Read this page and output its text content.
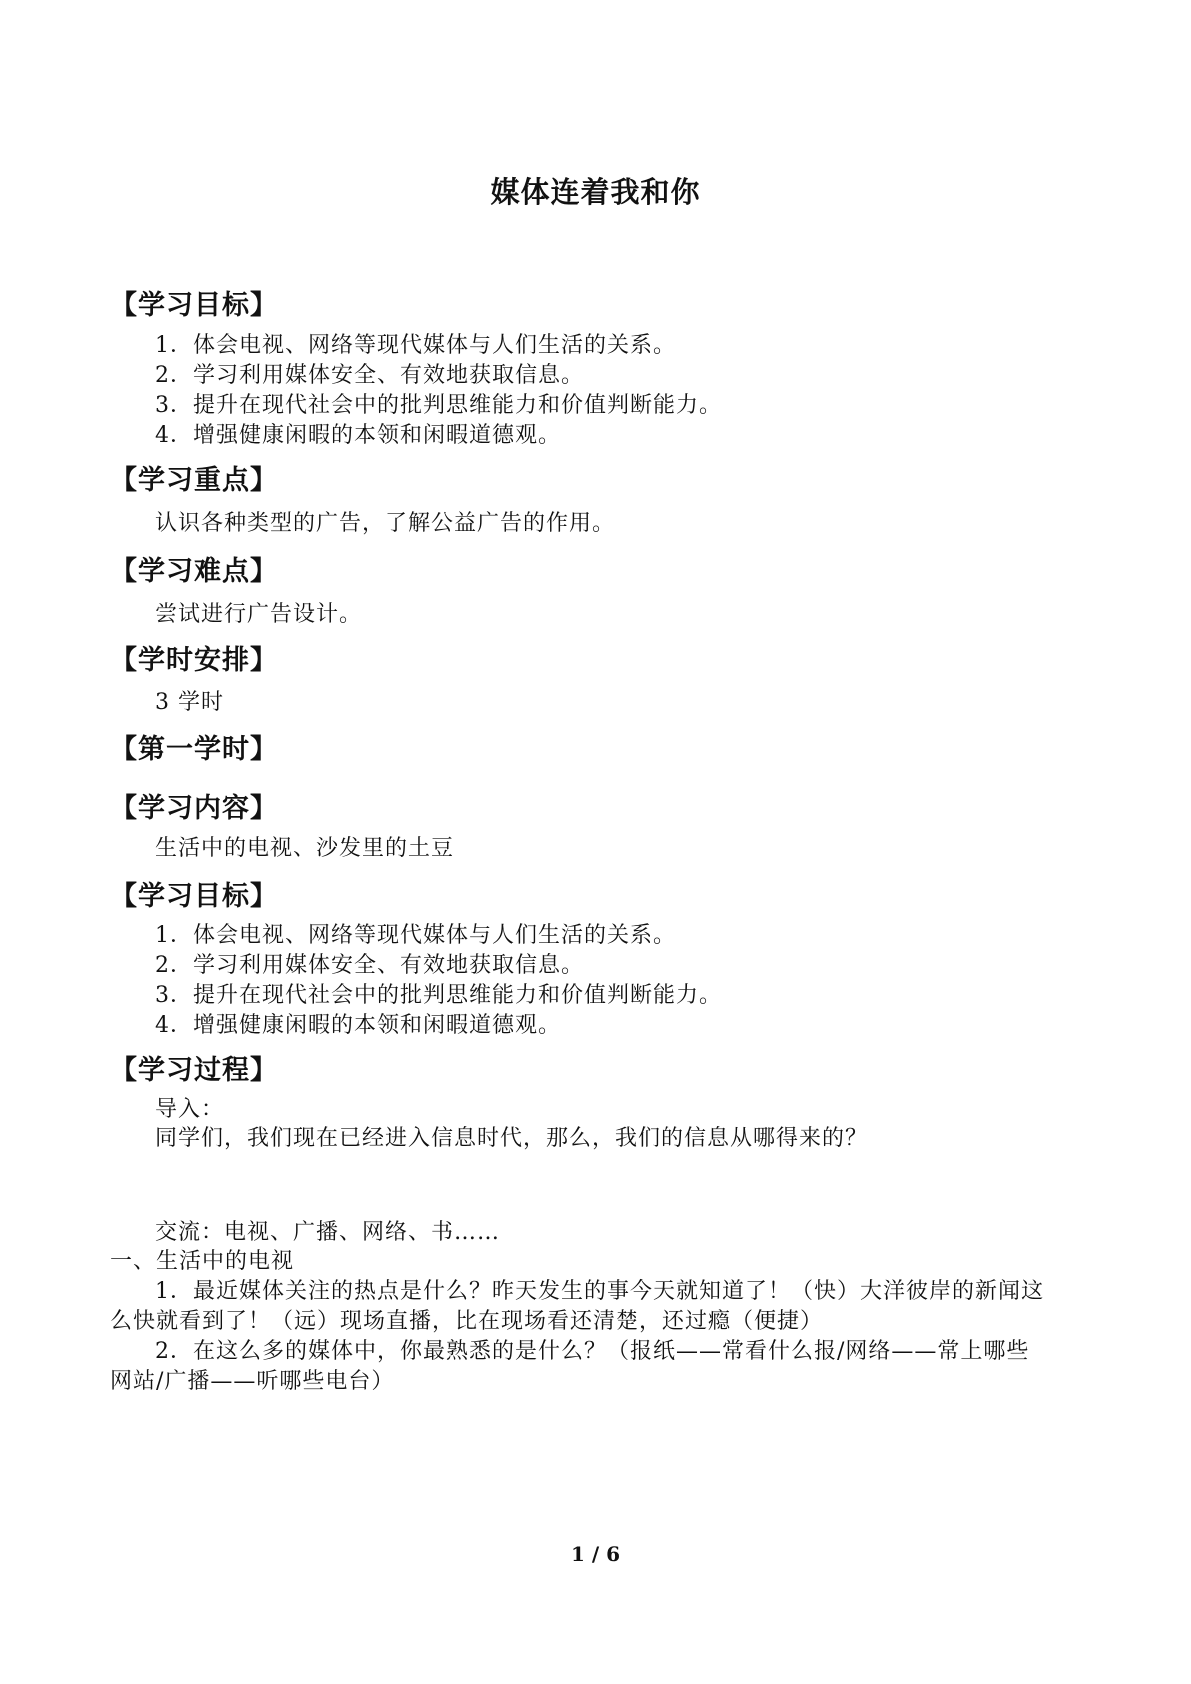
媒体连着我和你
【学习目标】
1．体会电视、网络等现代媒体与人们生活的关系。
2．学习利用媒体安全、有效地获取信息。
3．提升在现代社会中的批判思维能力和价值判断能力。
4．增强健康闲暇的本领和闲暇道德观。
【学习重点】
认识各种类型的广告，了解公益广告的作用。
【学习难点】
尝试进行广告设计。
【学时安排】
3 学时
【第一学时】
【学习内容】
生活中的电视、沙发里的土豆
【学习目标】
1．体会电视、网络等现代媒体与人们生活的关系。
2．学习利用媒体安全、有效地获取信息。
3．提升在现代社会中的批判思维能力和价值判断能力。
4．增强健康闲暇的本领和闲暇道德观。
【学习过程】
导入：
同学们，我们现在已经进入信息时代，那么，我们的信息从哪得来的？
交流：电视、广播、网络、书……
一、生活中的电视
1．最近媒体关注的热点是什么？昨天发生的事今天就知道了！（快）大洋彼岸的新闻这
么快就看到了！（远）现场直播，比在现场看还清楚，还过瘾（便捷）
2．在这么多的媒体中，你最熟悉的是什么？（报纸——常看什么报/网络——常上哪些
网站/广播——听哪些电台）
1 / 6
